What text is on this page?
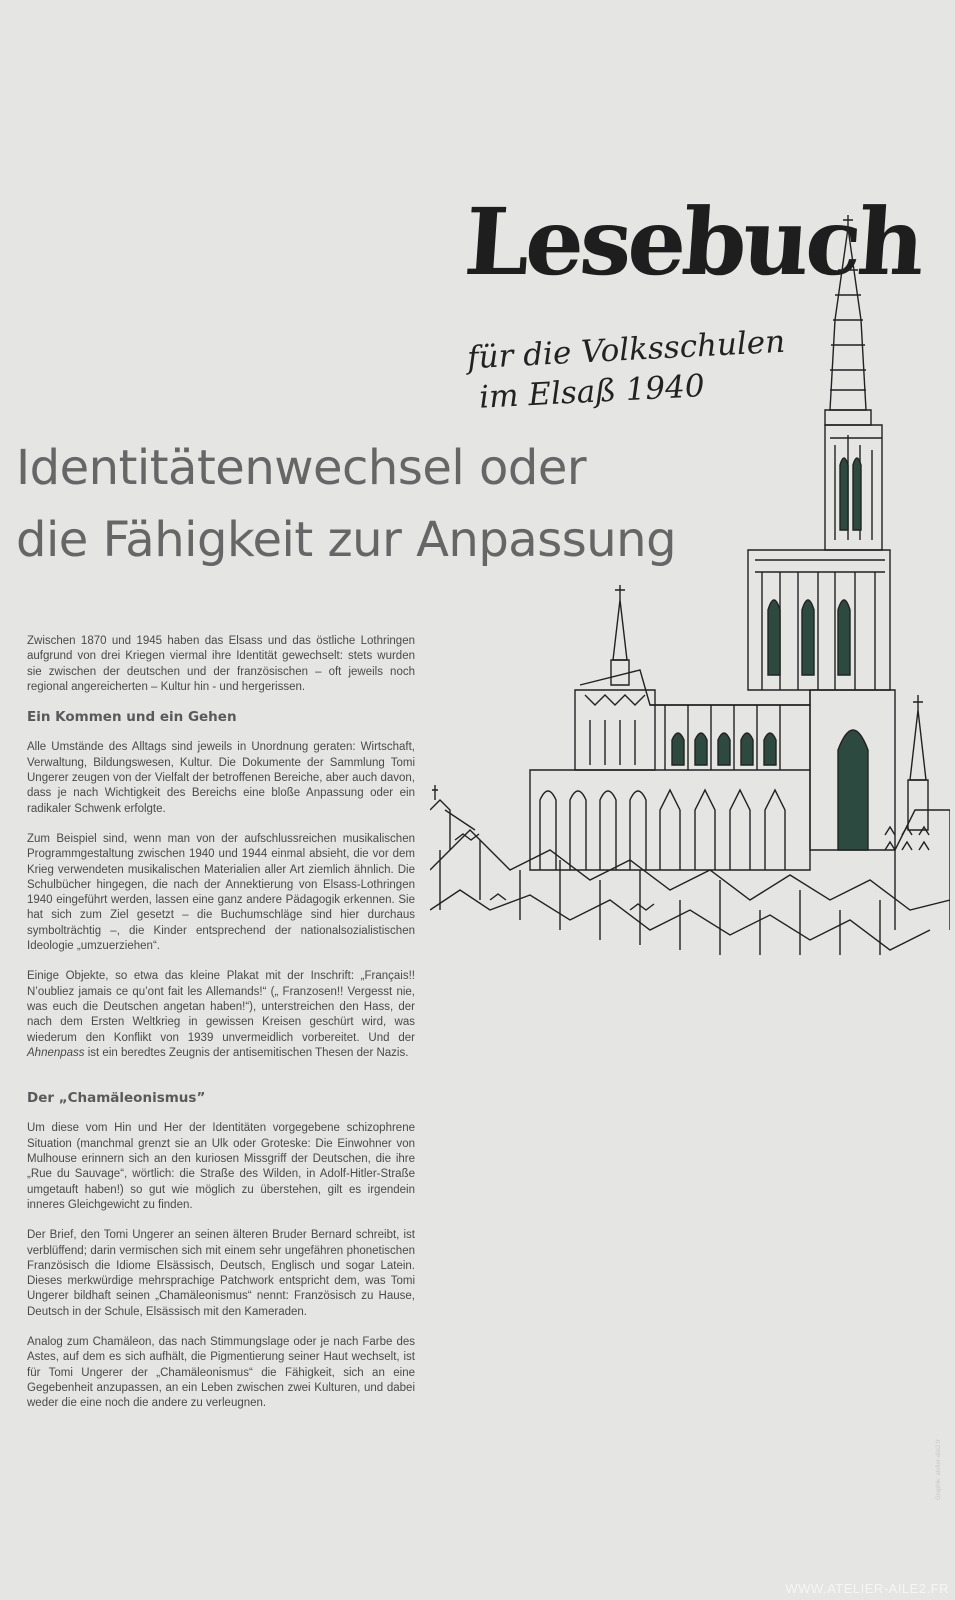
Lesebuch
für die Volksschulen
im Elsaß 1940
Identitätenwechsel oder
die Fähigkeit zur Anpassung

Zwischen 1870 und 1945 haben das Elsass und das östliche Lothringen aufgrund von drei Kriegen viermal ihre Identität gewechselt: stets wurden sie zwischen der deutschen und der französischen – oft jeweils noch regional angereicherten – Kultur hin - und hergerissen.

Ein Kommen und ein Gehen

Alle Umstände des Alltags sind jeweils in Unordnung geraten: Wirtschaft, Verwaltung, Bildungswesen, Kultur. Die Dokumente der Sammlung Tomi Ungerer zeugen von der Vielfalt der betroffenen Bereiche, aber auch davon, dass je nach Wichtigkeit des Bereichs eine bloße Anpassung oder ein radikaler Schwenk erfolgte.

Zum Beispiel sind, wenn man von der aufschlussreichen musikalischen Programmgestaltung zwischen 1940 und 1944 einmal absieht, die vor dem Krieg verwendeten musikalischen Materialien aller Art ziemlich ähnlich. Die Schulbücher hingegen, die nach der Annektierung von Elsass-Lothringen 1940 eingeführt werden, lassen eine ganz andere Pädagogik erkennen. Sie hat sich zum Ziel gesetzt – die Buchumschläge sind hier durchaus symbolträchtig –, die Kinder entsprechend der nationalsozialistischen Ideologie „umzuerziehen“.

Einige Objekte, so etwa das kleine Plakat mit der Inschrift: „Français!! N’oubliez jamais ce qu’ont fait les Allemands!“ („ Franzosen!! Vergesst nie, was euch die Deutschen angetan haben!“), unterstreichen den Hass, der nach dem Ersten Weltkrieg in gewissen Kreisen geschürt wird, was wiederum den Konflikt von 1939 unvermeidlich vorbereitet. Und der Ahnenpass ist ein beredtes Zeugnis der antisemitischen Thesen der Nazis.

Der „Chamäleonismus”

Um diese vom Hin und Her der Identitäten vorgegebene schizophrene Situation (manchmal grenzt sie an Ulk oder Groteske: Die Einwohner von Mulhouse erinnern sich an den kuriosen Missgriff der Deutschen, die ihre „Rue du Sauvage“, wörtlich: die Straße des Wilden, in Adolf-Hitler-Straße umgetauft haben!) so gut wie möglich zu überstehen, gilt es irgendein inneres Gleichgewicht zu finden.

Der Brief, den Tomi Ungerer an seinen älteren Bruder Bernard schreibt, ist verblüffend; darin vermischen sich mit einem sehr ungefähren phonetischen Französisch die Idiome Elsässisch, Deutsch, Englisch und sogar Latein. Dieses merkwürdige mehrsprachige Patchwork entspricht dem, was Tomi Ungerer bildhaft seinen „Chamäleonismus“ nennt: Französisch zu Hause, Deutsch in der Schule, Elsässisch mit den Kameraden.

Analog zum Chamäleon, das nach Stimmungslage oder je nach Farbe des Astes, auf dem es sich aufhält, die Pigmentierung seiner Haut wechselt, ist für Tomi Ungerer der „Chamäleonismus“ die Fähigkeit, sich an eine Gegebenheit anzupassen, an ein Leben zwischen zwei Kulturen, und dabei weder die eine noch die andere zu verleugnen.

Graphik: atelier-aile2.fr
WWW.ATELIER-AILE2.FR
